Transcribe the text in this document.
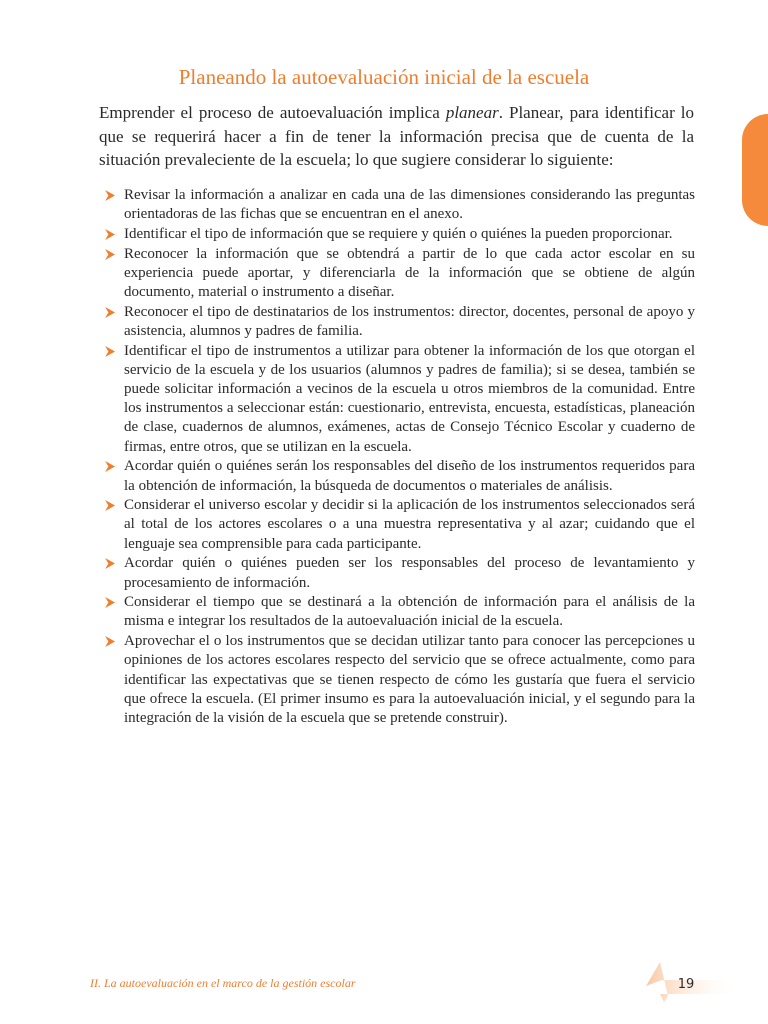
Planeando la autoevaluación inicial de la escuela

Emprender el proceso de autoevaluación implica planear. Planear, para identificar lo que se requerirá hacer a fin de tener la información precisa que de cuenta de la situación prevaleciente de la escuela; lo que sugiere considerar lo siguiente:

Revisar la información a analizar en cada una de las dimensiones considerando las preguntas orientadoras de las fichas que se encuentran en el anexo.
Identificar el tipo de información que se requiere y quién o quiénes la pueden proporcionar.
Reconocer la información que se obtendrá a partir de lo que cada actor escolar en su experiencia puede aportar, y diferenciarla de la información que se obtiene de algún documento, material o instrumento a diseñar.
Reconocer el tipo de destinatarios de los instrumentos: director, docentes, personal de apoyo y asistencia, alumnos y padres de familia.
Identificar el tipo de instrumentos a utilizar para obtener la información de los que otorgan el servicio de la escuela y de los usuarios (alumnos y padres de familia); si se desea, también se puede solicitar información a vecinos de la escuela u otros miembros de la comunidad. Entre los instrumentos a seleccionar están: cuestionario, entrevista, encuesta, estadísticas, planeación de clase, cuadernos de alumnos, exámenes, actas de Consejo Técnico Escolar y cuaderno de firmas, entre otros, que se utilizan en la escuela.
Acordar quién o quiénes serán los responsables del diseño de los instrumentos requeridos para la obtención de información, la búsqueda de documentos o materiales de análisis.
Considerar el universo escolar y decidir si la aplicación de los instrumentos seleccionados será al total de los actores escolares o a una muestra representativa y al azar; cuidando que el lenguaje sea comprensible para cada participante.
Acordar quién o quiénes pueden ser los responsables del proceso de levantamiento y procesamiento de información.
Considerar el tiempo que se destinará a la obtención de información para el análisis de la misma e integrar los resultados de la autoevaluación inicial de la escuela.
Aprovechar el o los instrumentos que se decidan utilizar tanto para conocer las percepciones u opiniones de los actores escolares respecto del servicio que se ofrece actualmente, como para identificar las expectativas que se tienen respecto de cómo les gustaría que fuera el servicio que ofrece la escuela. (El primer insumo es para la autoevaluación inicial, y el segundo para la integración de la visión de la escuela que se pretende construir).

II. La autoevaluación en el marco de la gestión escolar	19
